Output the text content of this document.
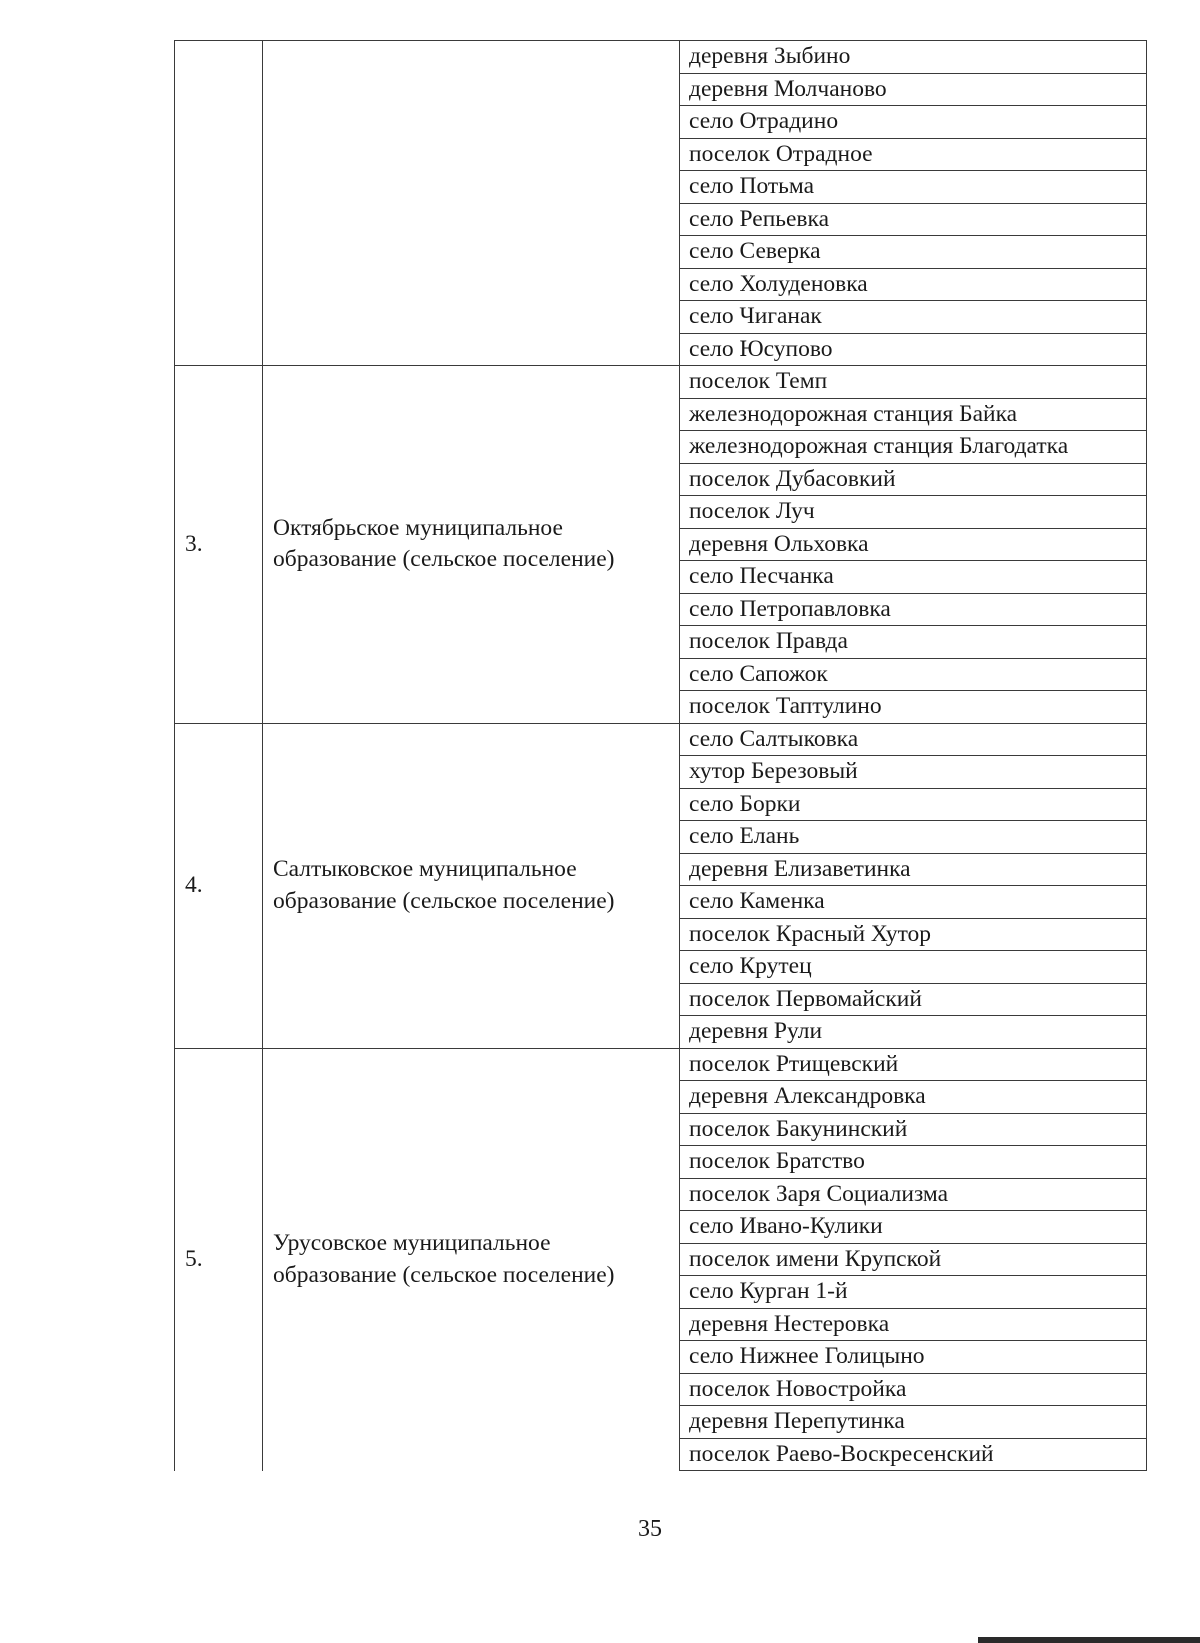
		деревня Зыбино
		деревня Молчаново
		село Отрадино
		поселок Отрадное
		село Потьма
		село Репьевка
		село Северка
		село Холуденовка
		село Чиганак
		село Юсупово
3.	Октябрьское муниципальное образование (сельское поселение)	поселок Темп
		железнодорожная станция Байка
		железнодорожная станция Благодатка
		поселок Дубасовкий
		поселок Луч
		деревня Ольховка
		село Песчанка
		село Петропавловка
		поселок Правда
		село Сапожок
		поселок Таптулино
4.	Салтыковское муниципальное образование (сельское поселение)	село Салтыковка
		хутор Березовый
		село Борки
		село Елань
		деревня Елизаветинка
		село Каменка
		поселок Красный Хутор
		село Крутец
		поселок Первомайский
		деревня Рули
5.	Урусовское муниципальное образование (сельское поселение)	поселок Ртищевский
		деревня Александровка
		поселок Бакунинский
		поселок Братство
		поселок Заря Социализма
		село Ивано-Кулики
		поселок имени Крупской
		село Курган 1-й
		деревня Нестеровка
		село Нижнее Голицыно
		поселок Новостройка
		деревня Перепутинка
		поселок Раево-Воскресенский
35
